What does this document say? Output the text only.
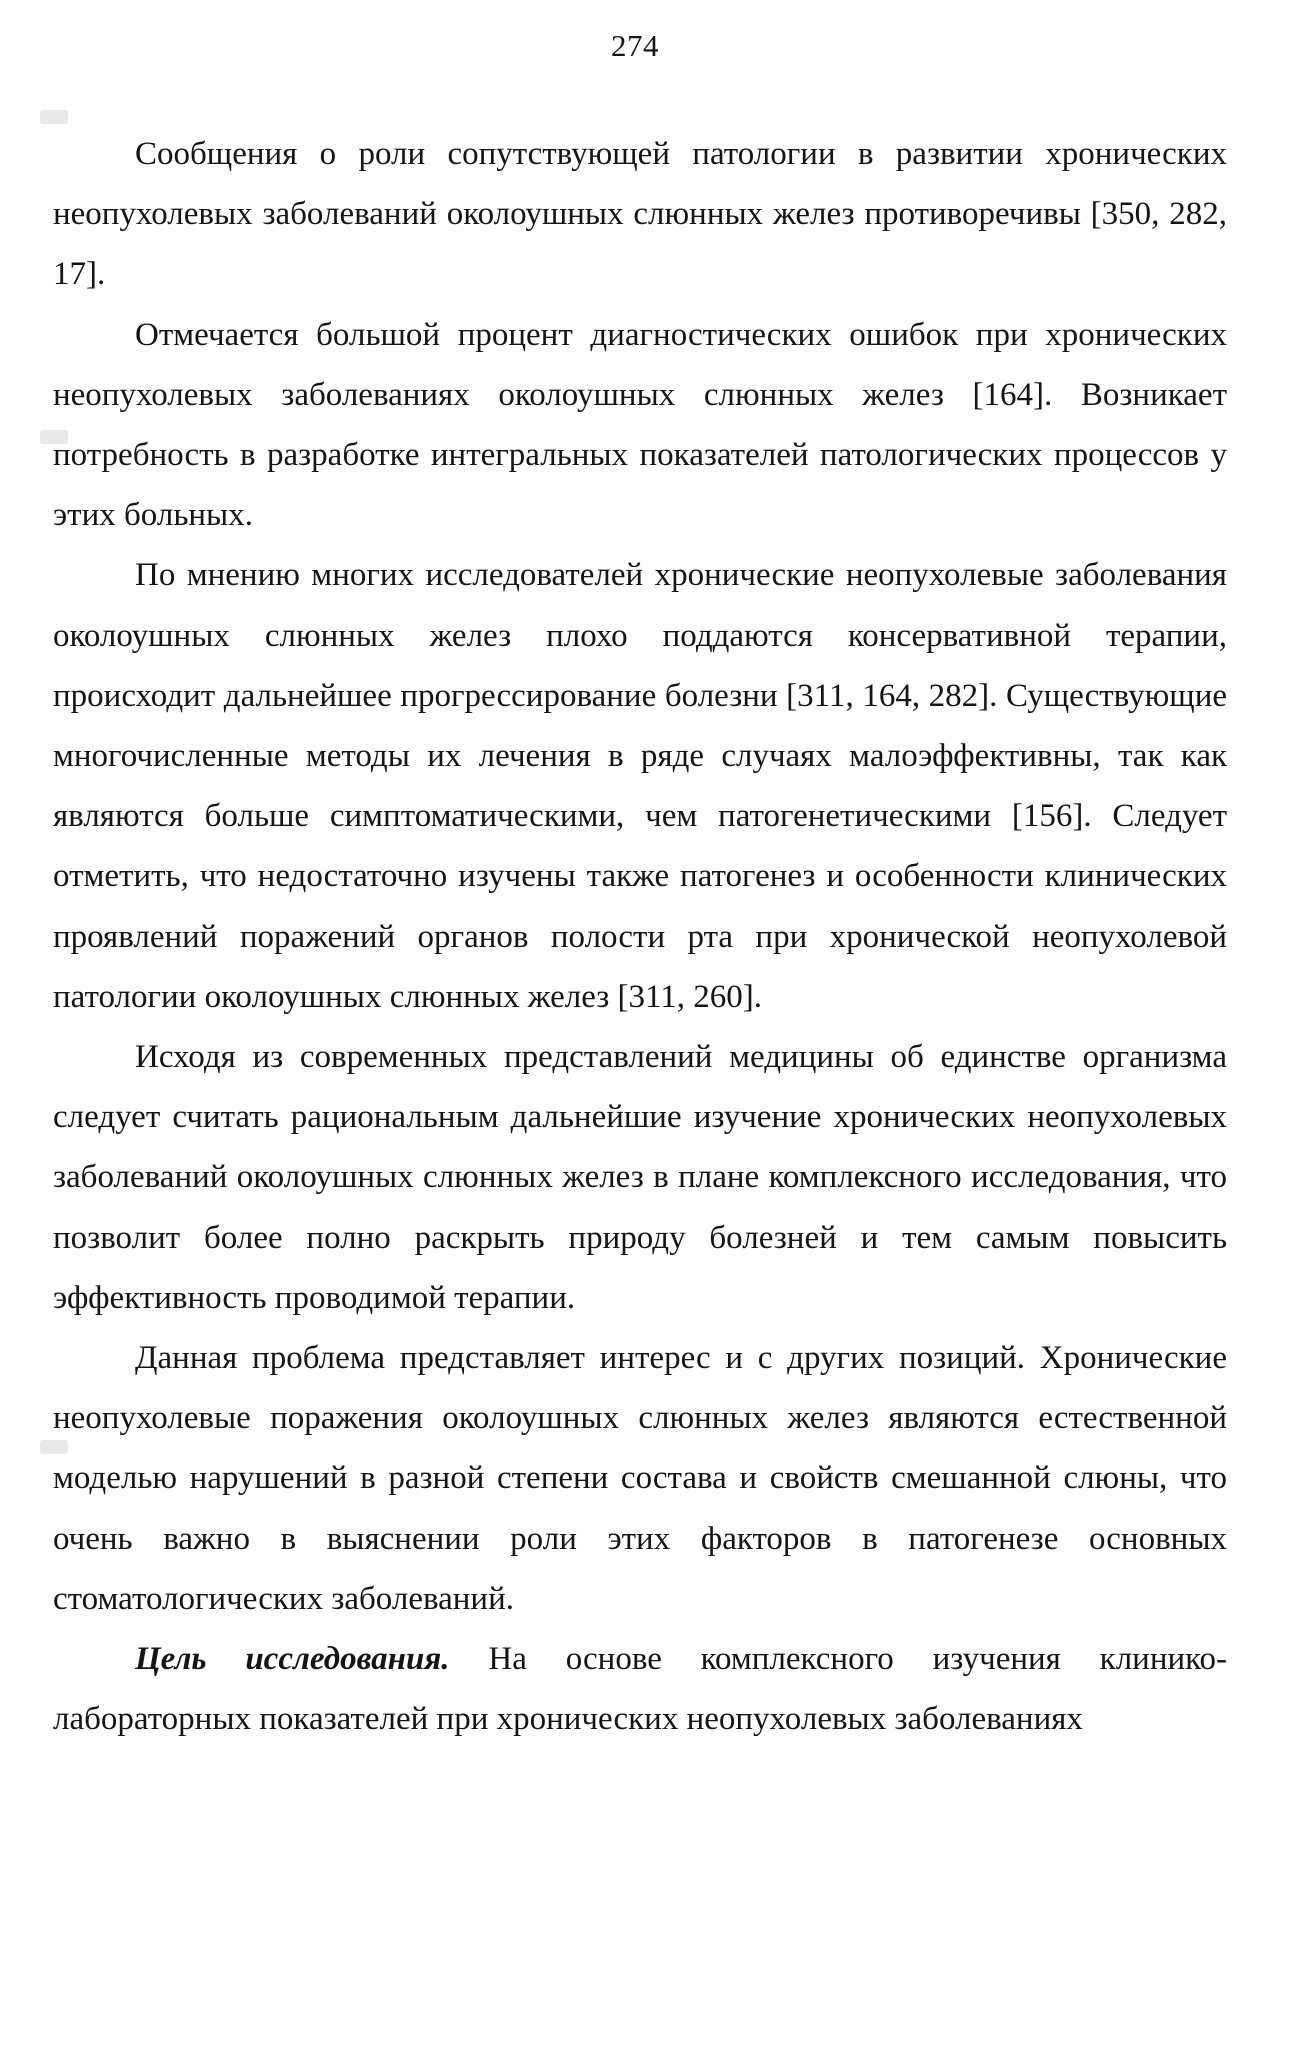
274

Сообщения о роли сопутствующей патологии в развитии хронических неопухолевых заболеваний околоушных слюнных желез противоречивы [350, 282, 17].

Отмечается большой процент диагностических ошибок при хронических неопухолевых заболеваниях околоушных слюнных желез [164]. Возникает потребность в разработке интегральных показателей патологических процессов у этих больных.

По мнению многих исследователей хронические неопухолевые заболевания околоушных слюнных желез плохо поддаются консервативной терапии, происходит дальнейшее прогрессирование болезни [311, 164, 282]. Существующие многочисленные методы их лечения в ряде случаях малоэффективны, так как являются больше симптоматическими, чем патогенетическими [156]. Следует отметить, что недостаточно изучены также патогенез и особенности клинических проявлений поражений органов полости рта при хронической неопухолевой патологии околоушных слюнных желез [311, 260].

Исходя из современных представлений медицины об единстве организма следует считать рациональным дальнейшие изучение хронических неопухолевых заболеваний околоушных слюнных желез в плане комплексного исследования, что позволит более полно раскрыть природу болезней и тем самым повысить эффективность проводимой терапии.

Данная проблема представляет интерес и с других позиций. Хронические неопухолевые поражения околоушных слюнных желез являются естественной моделью нарушений в разной степени состава и свойств смешанной слюны, что очень важно в выяснении роли этих факторов в патогенезе основных стоматологических заболеваний.

Цель исследования. На основе комплексного изучения клинико-лабораторных показателей при хронических неопухолевых заболеваниях
